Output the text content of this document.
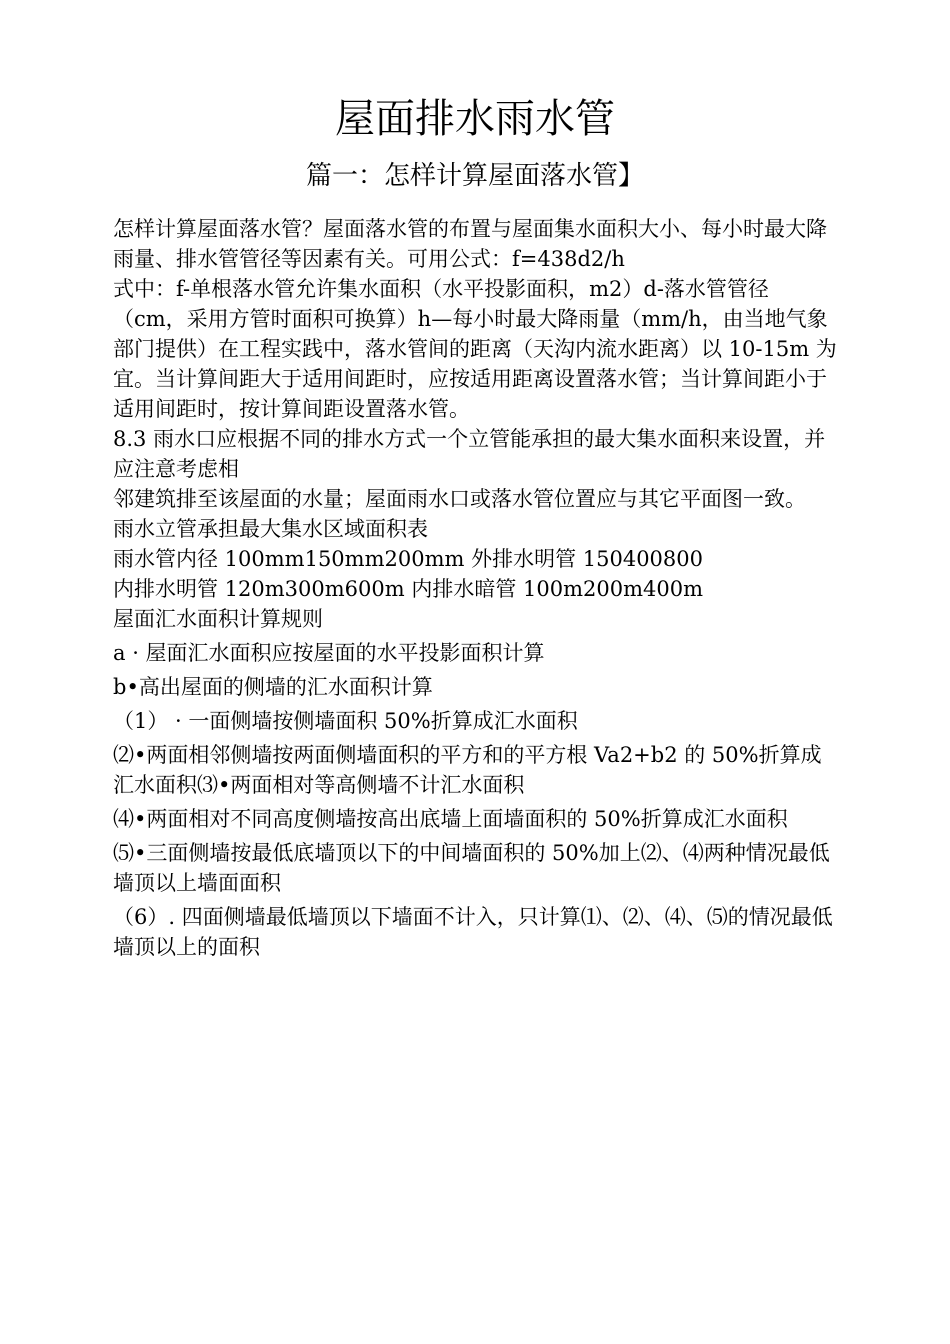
屋面排水雨水管
篇一：怎样计算屋面落水管】

怎样计算屋面落水管？屋面落水管的布置与屋面集水面积大小、每小时最大降雨量、排水管管径等因素有关。可用公式：f=438d2/h

式中：f-单根落水管允许集水面积（水平投影面积，m2）d-落水管管径（cm，采用方管时面积可换算）h—每小时最大降雨量（mm/h，由当地气象部门提供）在工程实践中，落水管间的距离（天沟内流水距离）以 10-15m 为宜。当计算间距大于适用间距时，应按适用距离设置落水管；当计算间距小于适用间距时，按计算间距设置落水管。

8.3 雨水口应根据不同的排水方式一个立管能承担的最大集水面积来设置，并应注意考虑相

邻建筑排至该屋面的水量；屋面雨水口或落水管位置应与其它平面图一致。

雨水立管承担最大集水区域面积表

雨水管内径 100mm150mm200mm 外排水明管 150400800

内排水明管 120m300m600m 内排水暗管 100m200m400m

屋面汇水面积计算规则

a · 屋面汇水面积应按屋面的水平投影面积计算

b•高出屋面的侧墙的汇水面积计算

（1） · 一面侧墙按侧墙面积 50%折算成汇水面积

⑵•两面相邻侧墙按两面侧墙面积的平方和的平方根 Va2+b2 的 50%折算成汇水面积⑶•两面相对等高侧墙不计汇水面积

⑷•两面相对不同高度侧墙按高出底墙上面墙面积的 50%折算成汇水面积

⑸•三面侧墙按最低底墙顶以下的中间墙面积的 50%加上⑵、⑷两种情况最低墙顶以上墙面面积

（6）. 四面侧墙最低墙顶以下墙面不计入，只计算⑴、⑵、⑷、⑸的情况最低墙顶以上的面积
